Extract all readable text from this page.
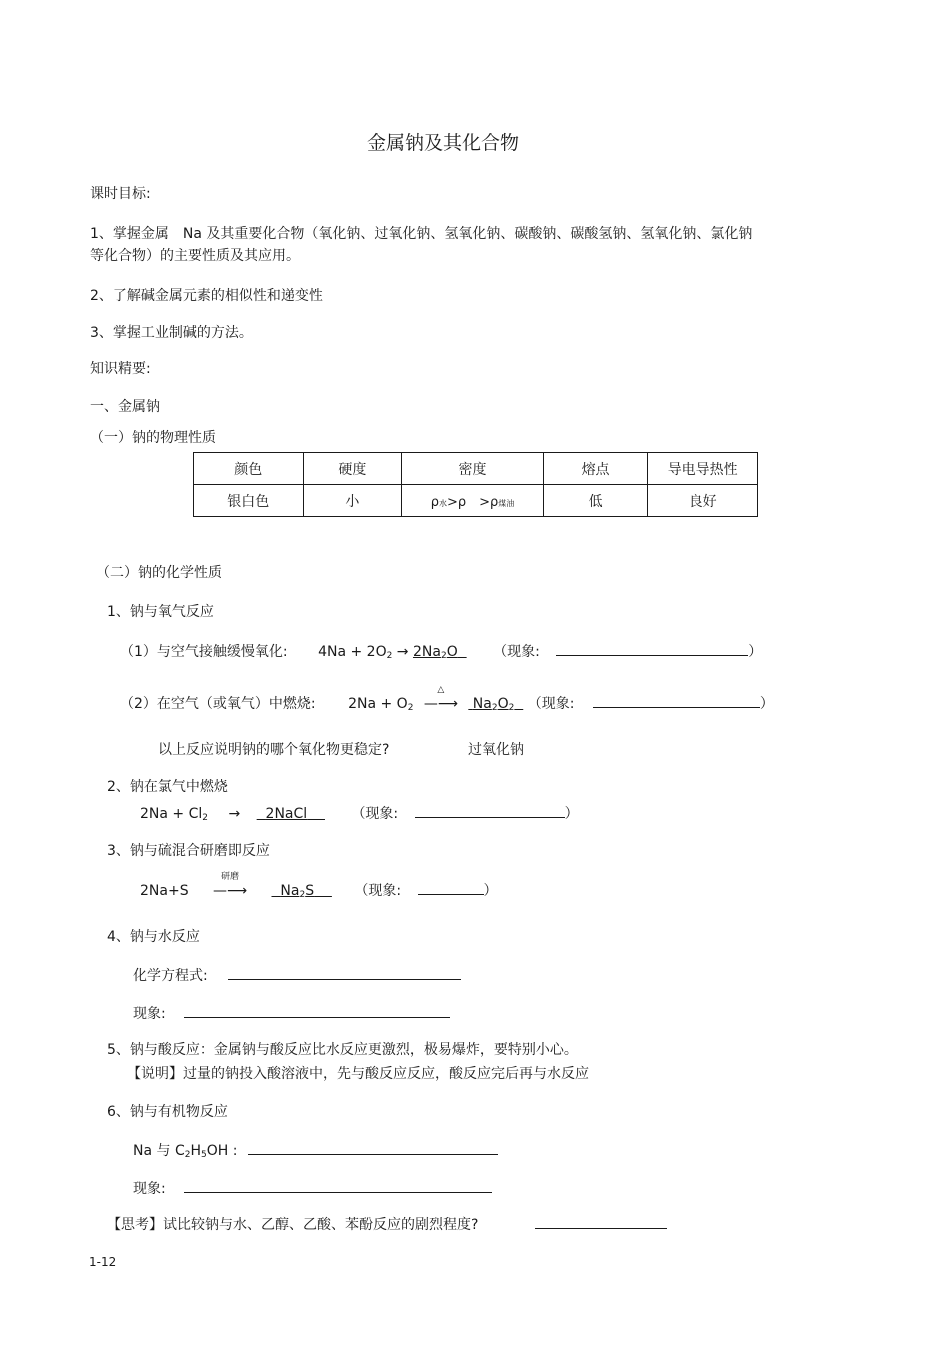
金属钠及其化合物
课时目标:
1、掌握金属　Na 及其重要化合物（氧化钠、过氧化钠、氢氧化钠、碳酸钠、碳酸氢钠、氢氧化钠、氯化钠
等化合物）的主要性质及其应用。
2、了解碱金属元素的相似性和递变性
3、掌握工业制碱的方法。
知识精要:
一、金属钠
（一）钠的物理性质
颜色	硬度	密度	熔点	导电导热性
银白色	小	ρ水>ρ　>ρ煤油	低	良好
（二）钠的化学性质
1、钠与氧气反应
（1）与空气接触缓慢氧化: $4Na + 2O_2 \to 2Na_2O$	（现象:	）
（2）在空气（或氧气）中燃烧: $2Na + O_2$
△
—⟶ $Na_2O_2$ （现象:	）
以上反应说明钠的哪个氧化物更稳定?	过氧化钠
2、钠在氯气中燃烧
$2Na + Cl_2$ → 2NaCl	（现象:	）
3、钠与硫混合研磨即反应
2Na+S
研磨
—⟶ $Na_2S$	（现象:	）
4、钠与水反应
化学方程式:
现象:
5、钠与酸反应：金属钠与酸反应比水反应更激烈，极易爆炸，要特别小心。
【说明】过量的钠投入酸溶液中，先与酸反应反应，酸反应完后再与水反应
6、钠与有机物反应
Na 与 $C_2H_5OH$ :
现象:
【思考】试比较钠与水、乙醇、乙酸、苯酚反应的剧烈程度?
1-12
